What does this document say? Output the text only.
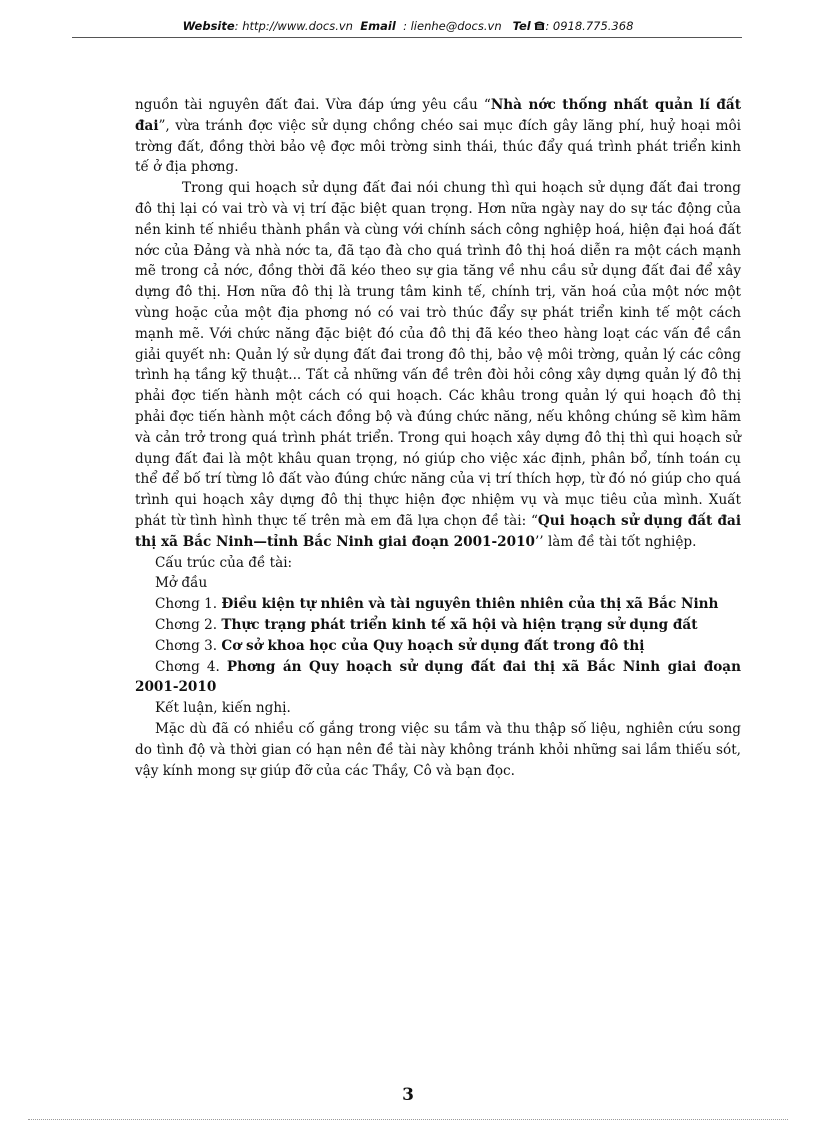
Website: http://www.docs.vn Email : lienhe@docs.vn Tel : 0918.775.368

nguồn tài nguyên đất đai. Vừa đáp ứng yêu cầu “Nhà nớc thống nhất quản lí đất đai”, vừa tránh đợc việc sử dụng chồng chéo sai mục đích gây lãng phí, huỷ hoại môi trờng đất, đồng thời bảo vệ đợc môi trờng sinh thái, thúc đẩy quá trình phát triển kinh tế ở địa phơng.

Trong qui hoạch sử dụng đất đai nói chung thì qui hoạch sử dụng đất đai trong đô thị lại có vai trò và vị trí đặc biệt quan trọng. Hơn nữa ngày nay do sự tác động của nền kinh tế nhiều thành phần và cùng với chính sách công nghiệp hoá, hiện đại hoá đất nớc của Đảng và nhà nớc ta, đã tạo đà cho quá trình đô thị hoá diễn ra một cách mạnh mẽ trong cả nớc, đồng thời đã kéo theo sự gia tăng về nhu cầu sử dụng đất đai để xây dựng đô thị. Hơn nữa đô thị là trung tâm kinh tế, chính trị, văn hoá của một nớc một vùng hoặc của một địa phơng nó có vai trò thúc đẩy sự phát triển kinh tế một cách mạnh mẽ. Với chức năng đặc biệt đó của đô thị đã kéo theo hàng loạt các vấn đề cần giải quyết nh: Quản lý sử dụng đất đai trong đô thị, bảo vệ môi trờng, quản lý các công trình hạ tầng kỹ thuật... Tất cả những vấn đề trên đòi hỏi công xây dựng quản lý đô thị phải đợc tiến hành một cách có qui hoạch. Các khâu trong quản lý qui hoạch đô thị phải đợc tiến hành một cách đồng bộ và đúng chức năng, nếu không chúng sẽ kìm hãm và cản trở trong quá trình phát triển. Trong qui hoạch xây dựng đô thị thì qui hoạch sử dụng đất đai là một khâu quan trọng, nó giúp cho việc xác định, phân bổ, tính toán cụ thể để bố trí từng lô đất vào đúng chức năng của vị trí thích hợp, từ đó nó giúp cho quá trình qui hoạch xây dựng đô thị thực hiện đợc nhiệm vụ và mục tiêu của mình. Xuất phát từ tình hình thực tế trên mà em đã lựa chọn đề tài: “Qui hoạch sử dụng đất đai thị xã Bắc Ninh—tỉnh Bắc Ninh giai đoạn 2001-2010’’ làm đề tài tốt nghiệp.

Cấu trúc của đề tài:

Mở đầu

Chơng 1. Điều kiện tự nhiên và tài nguyên thiên nhiên của thị xã Bắc Ninh

Chơng 2. Thực trạng phát triển kinh tế xã hội và hiện trạng sử dụng đất

Chơng 3. Cơ sở khoa học của Quy hoạch sử dụng đất trong đô thị

Chơng 4. Phơng án Quy hoạch sử dụng đất đai thị xã Bắc Ninh giai đoạn 2001-2010

Kết luận, kiến nghị.

Mặc dù đã có nhiều cố gắng trong việc su tầm và thu thập số liệu, nghiên cứu song do tình độ và thời gian có hạn nên đề tài này không tránh khỏi những sai lầm thiếu sót, vậy kính mong sự giúp đỡ của các Thầy, Cô và bạn đọc.

3
